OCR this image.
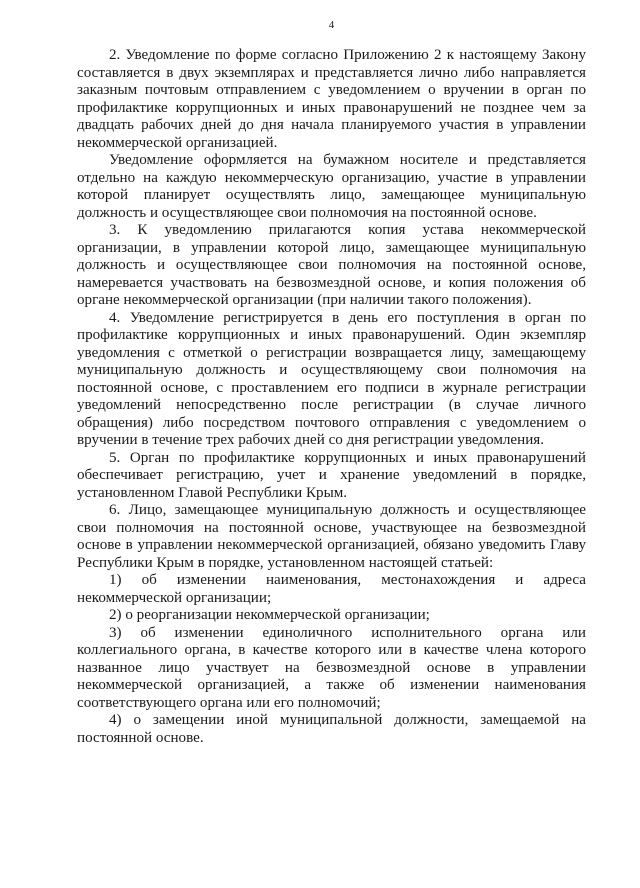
4

2. Уведомление по форме согласно Приложению 2 к настоящему Закону составляется в двух экземплярах и представляется лично либо направляется заказным почтовым отправлением с уведомлением о вручении в орган по профилактике коррупционных и иных правонарушений не позднее чем за двадцать рабочих дней до дня начала планируемого участия в управлении некоммерческой организацией.

Уведомление оформляется на бумажном носителе и представляется отдельно на каждую некоммерческую организацию, участие в управлении которой планирует осуществлять лицо, замещающее муниципальную должность и осуществляющее свои полномочия на постоянной основе.

3. К уведомлению прилагаются копия устава некоммерческой организации, в управлении которой лицо, замещающее муниципальную должность и осуществляющее свои полномочия на постоянной основе, намеревается участвовать на безвозмездной основе, и копия положения об органе некоммерческой организации (при наличии такого положения).

4. Уведомление регистрируется в день его поступления в орган по профилактике коррупционных и иных правонарушений. Один экземпляр уведомления с отметкой о регистрации возвращается лицу, замещающему муниципальную должность и осуществляющему свои полномочия на постоянной основе, с проставлением его подписи в журнале регистрации уведомлений непосредственно после регистрации (в случае личного обращения) либо посредством почтового отправления с уведомлением о вручении в течение трех рабочих дней со дня регистрации уведомления.

5. Орган по профилактике коррупционных и иных правонарушений обеспечивает регистрацию, учет и хранение уведомлений в порядке, установленном Главой Республики Крым.

6. Лицо, замещающее муниципальную должность и осуществляющее свои полномочия на постоянной основе, участвующее на безвозмездной основе в управлении некоммерческой организацией, обязано уведомить Главу Республики Крым в порядке, установленном настоящей статьей:

1) об изменении наименования, местонахождения и адреса некоммерческой организации;

2) о реорганизации некоммерческой организации;

3) об изменении единоличного исполнительного органа или коллегиального органа, в качестве которого или в качестве члена которого названное лицо участвует на безвозмездной основе в управлении некоммерческой организацией, а также об изменении наименования соответствующего органа или его полномочий;

4) о замещении иной муниципальной должности, замещаемой на постоянной основе.
